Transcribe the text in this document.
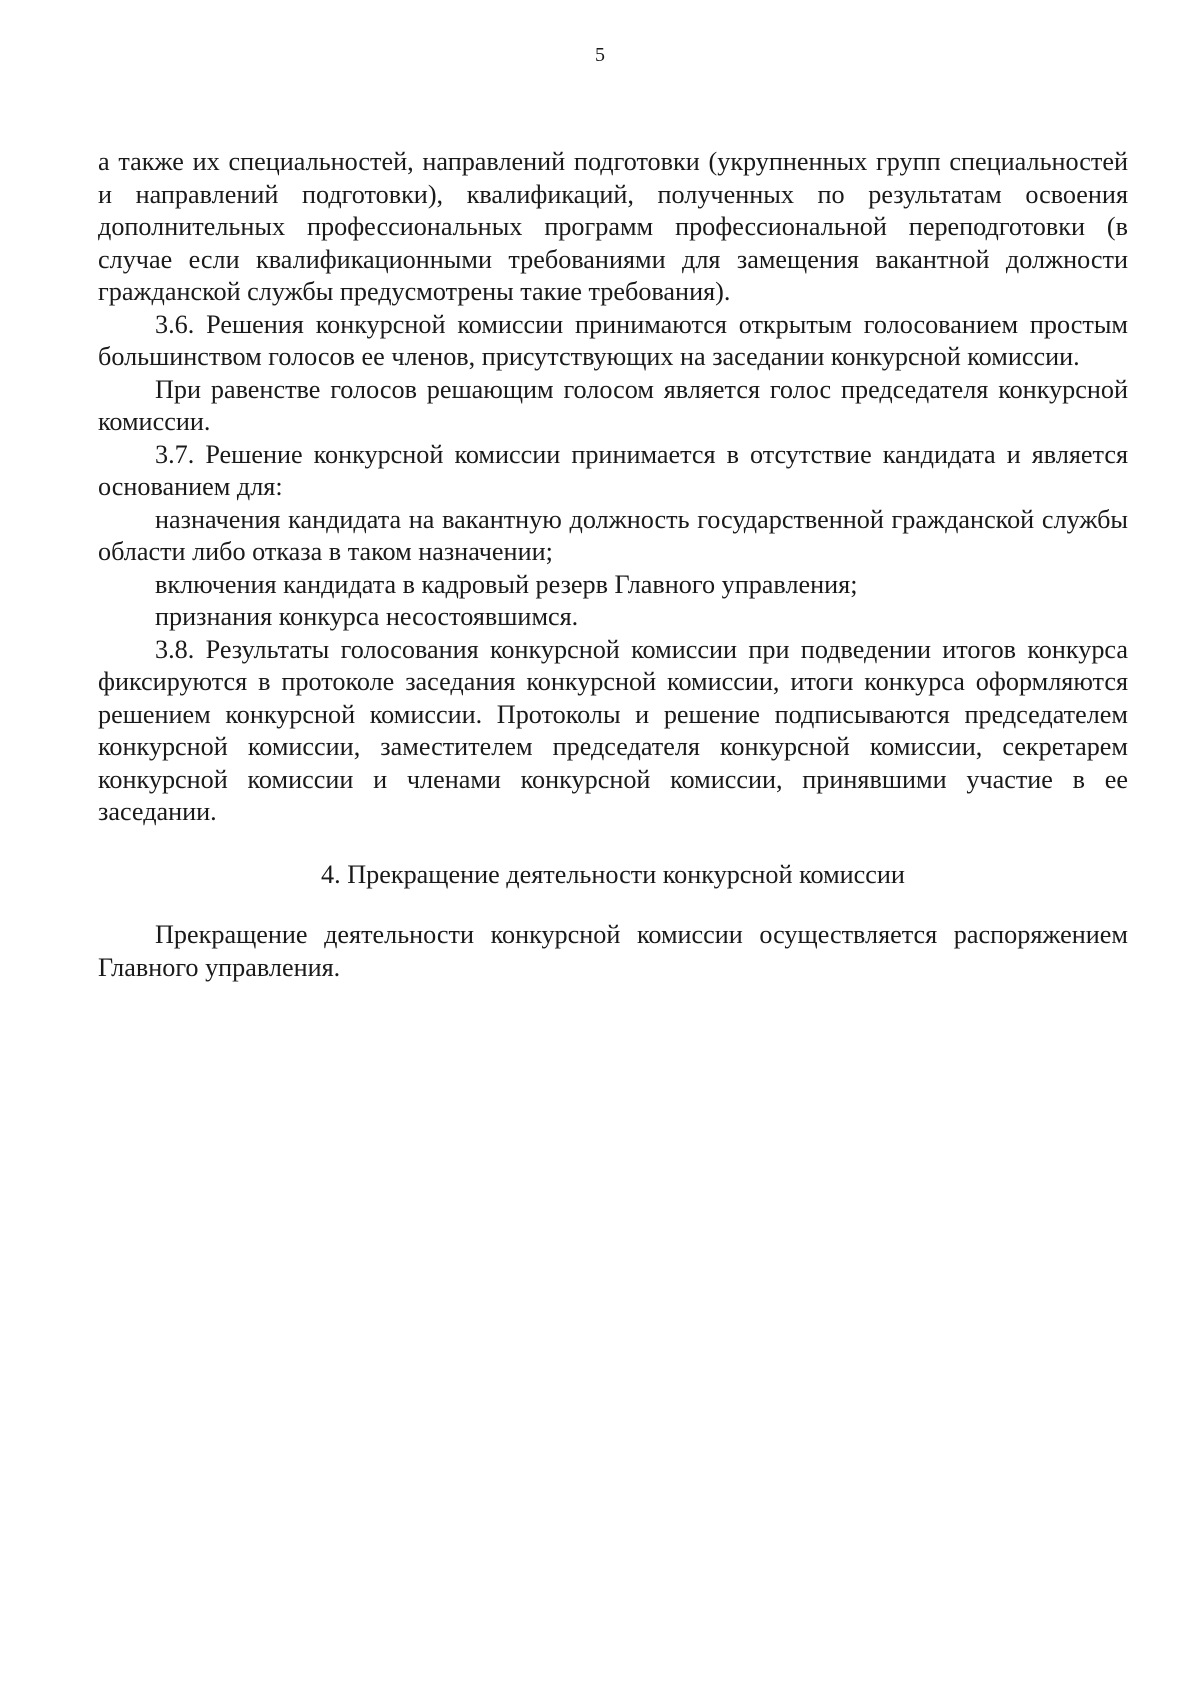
5

а также их специальностей, направлений подготовки (укрупненных групп специальностей и направлений подготовки), квалификаций, полученных по результатам освоения дополнительных профессиональных программ профессиональной переподготовки (в случае если квалификационными требованиями для замещения вакантной должности гражданской службы предусмотрены такие требования).

3.6. Решения конкурсной комиссии принимаются открытым голосованием простым большинством голосов ее членов, присутствующих на заседании конкурсной комиссии.

При равенстве голосов решающим голосом является голос председателя конкурсной комиссии.

3.7. Решение конкурсной комиссии принимается в отсутствие кандидата и является основанием для:

назначения кандидата на вакантную должность государственной гражданской службы области либо отказа в таком назначении;

включения кандидата в кадровый резерв Главного управления;

признания конкурса несостоявшимся.

3.8. Результаты голосования конкурсной комиссии при подведении итогов конкурса фиксируются в протоколе заседания конкурсной комиссии, итоги конкурса оформляются решением конкурсной комиссии. Протоколы и решение подписываются председателем конкурсной комиссии, заместителем председателя конкурсной комиссии, секретарем конкурсной комиссии и членами конкурсной комиссии, принявшими участие в ее заседании.

4. Прекращение деятельности конкурсной комиссии

Прекращение деятельности конкурсной комиссии осуществляется распоряжением Главного управления.
